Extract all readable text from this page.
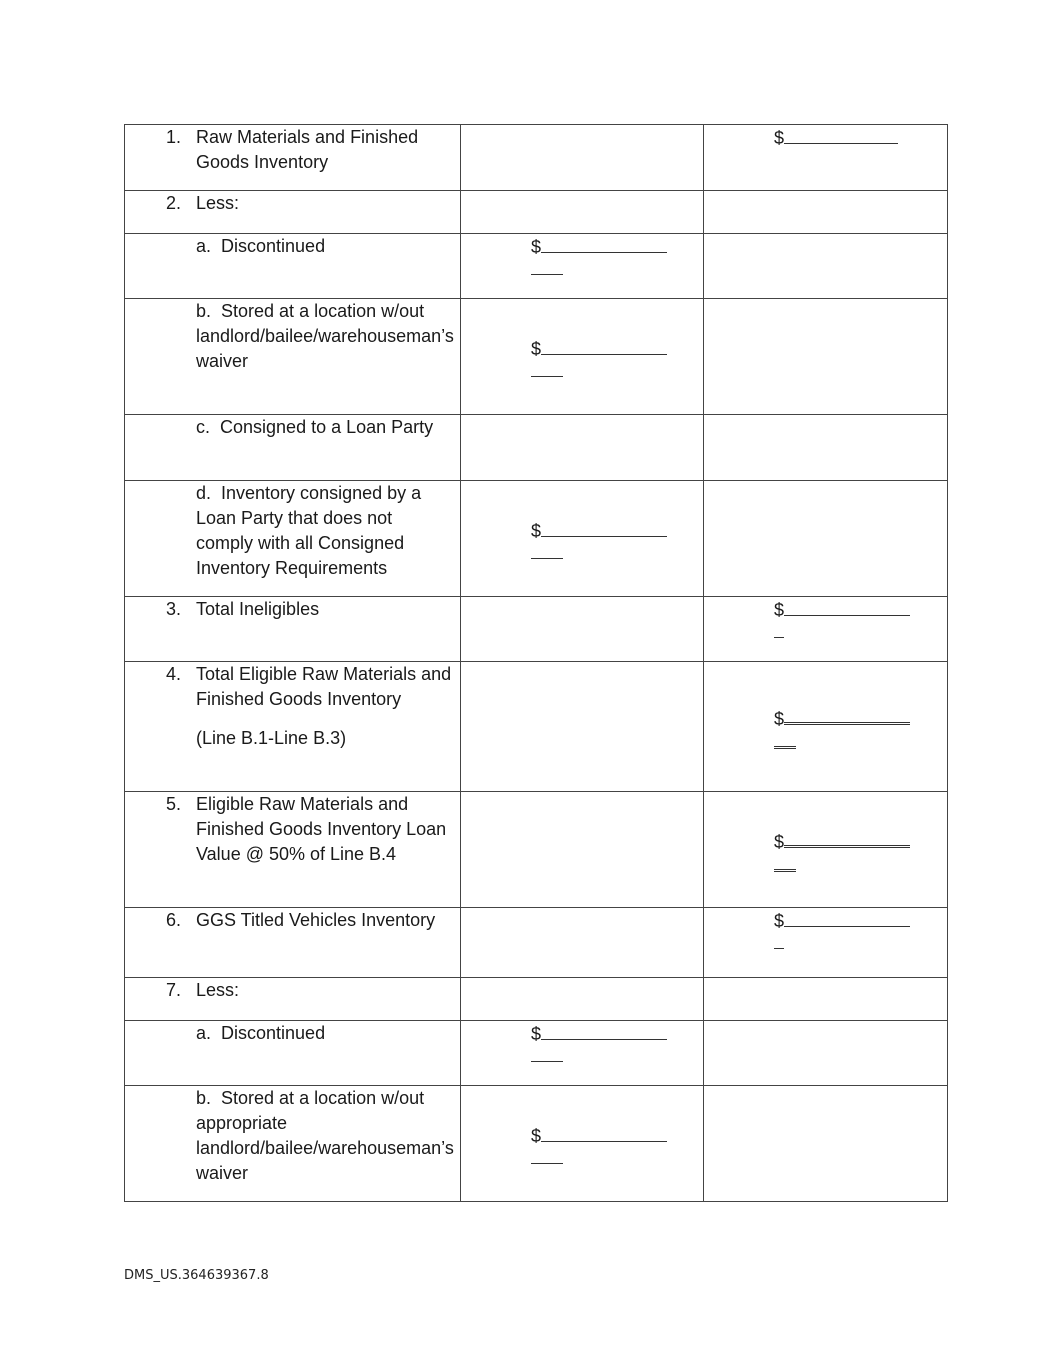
1. Raw Materials and Finished Goods Inventory		$

2. Less:		

a. Discontinued	$	

b. Stored at a location w/out landlord/bailee/warehouseman’s waiver	$	

c. Consigned to a Loan Party		

d. Inventory consigned by a Loan Party that does not comply with all Consigned Inventory Requirements	$	

3. Total Ineligibles		$

4. Total Eligible Raw Materials and Finished Goods Inventory
(Line B.1-Line B.3)		$

5. Eligible Raw Materials and Finished Goods Inventory Loan Value @ 50% of Line B.4		$

6. GGS Titled Vehicles Inventory		$

7. Less:		

a. Discontinued	$	

b. Stored at a location w/out appropriate landlord/bailee/warehouseman’s waiver	$	

DMS_US.364639367.8
